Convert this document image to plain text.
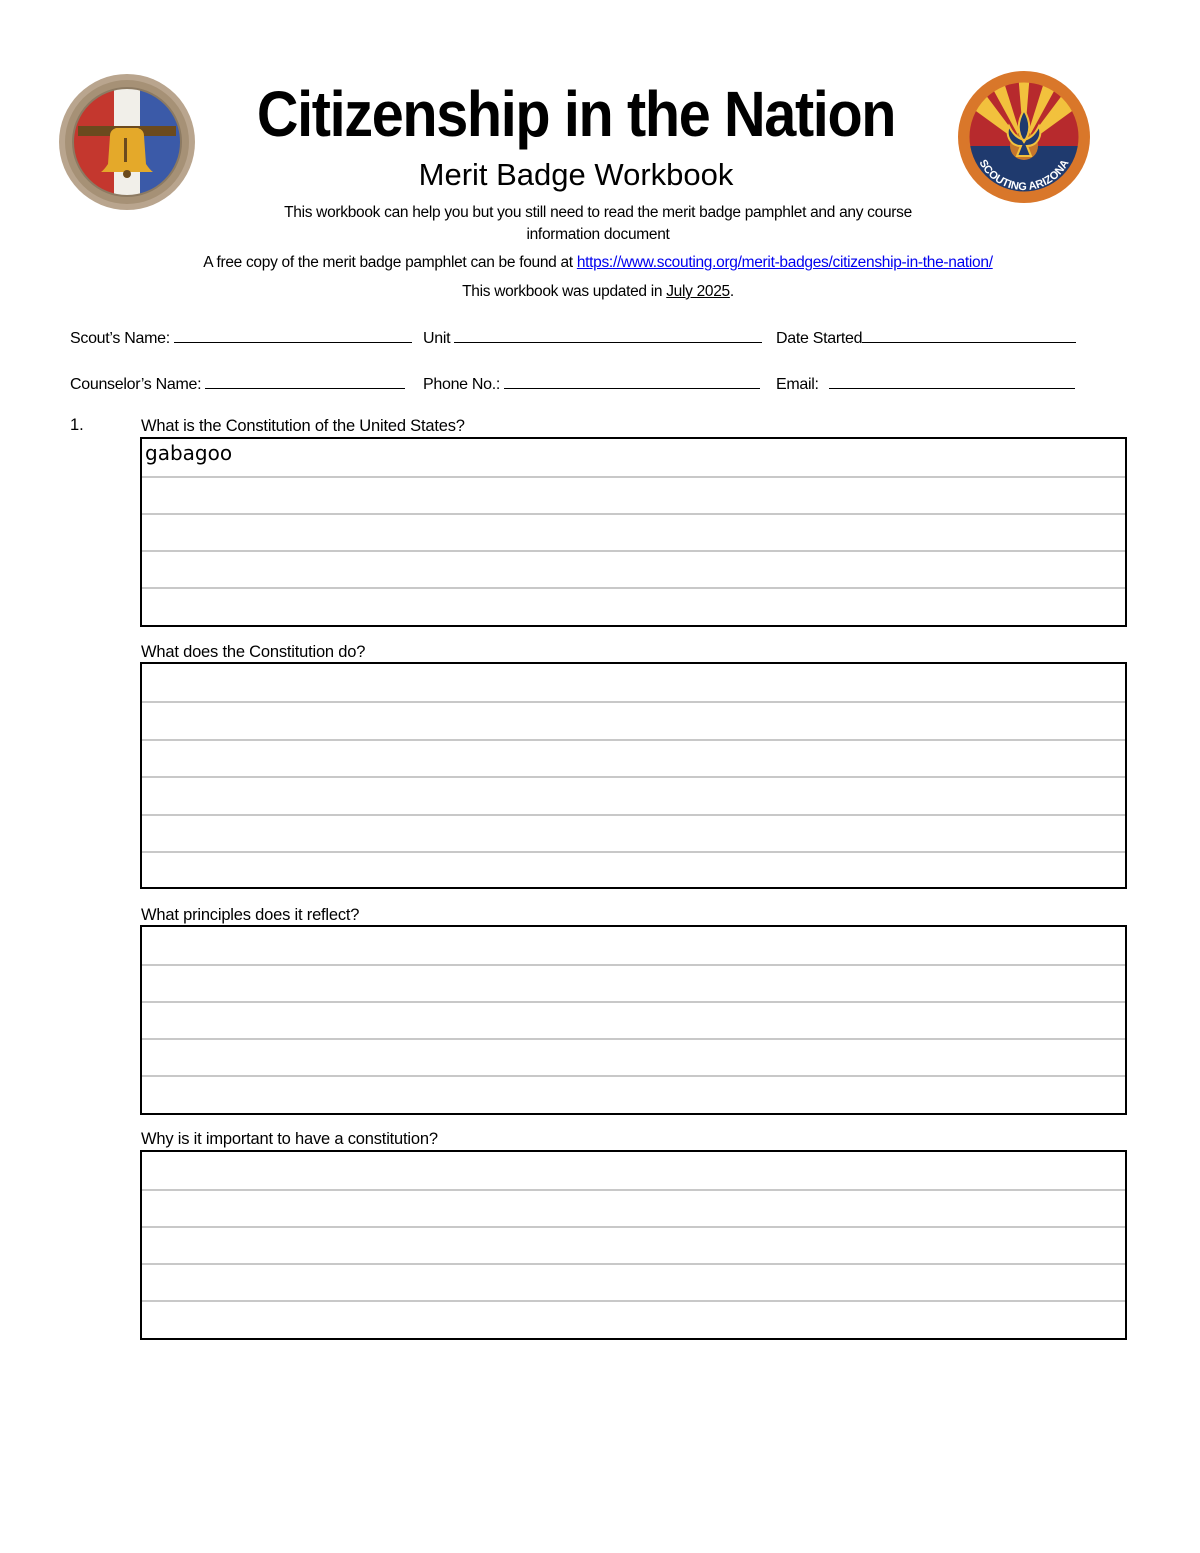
SCOUTING ARIZONA
Citizenship in the Nation
Merit Badge Workbook
This workbook can help you but you still need to read the merit badge pamphlet and any course
information document
A free copy of the merit badge pamphlet can be found at https://www.scouting.org/merit-badges/citizenship-in-the-nation/
This workbook was updated in July 2025.
Scout’s Name:	Unit	Date Started
Counselor’s Name:	Phone No.:	Email:
1.	What is the Constitution of the United States?
gabagoo
What does the Constitution do?
What principles does it reflect?
Why is it important to have a constitution?
